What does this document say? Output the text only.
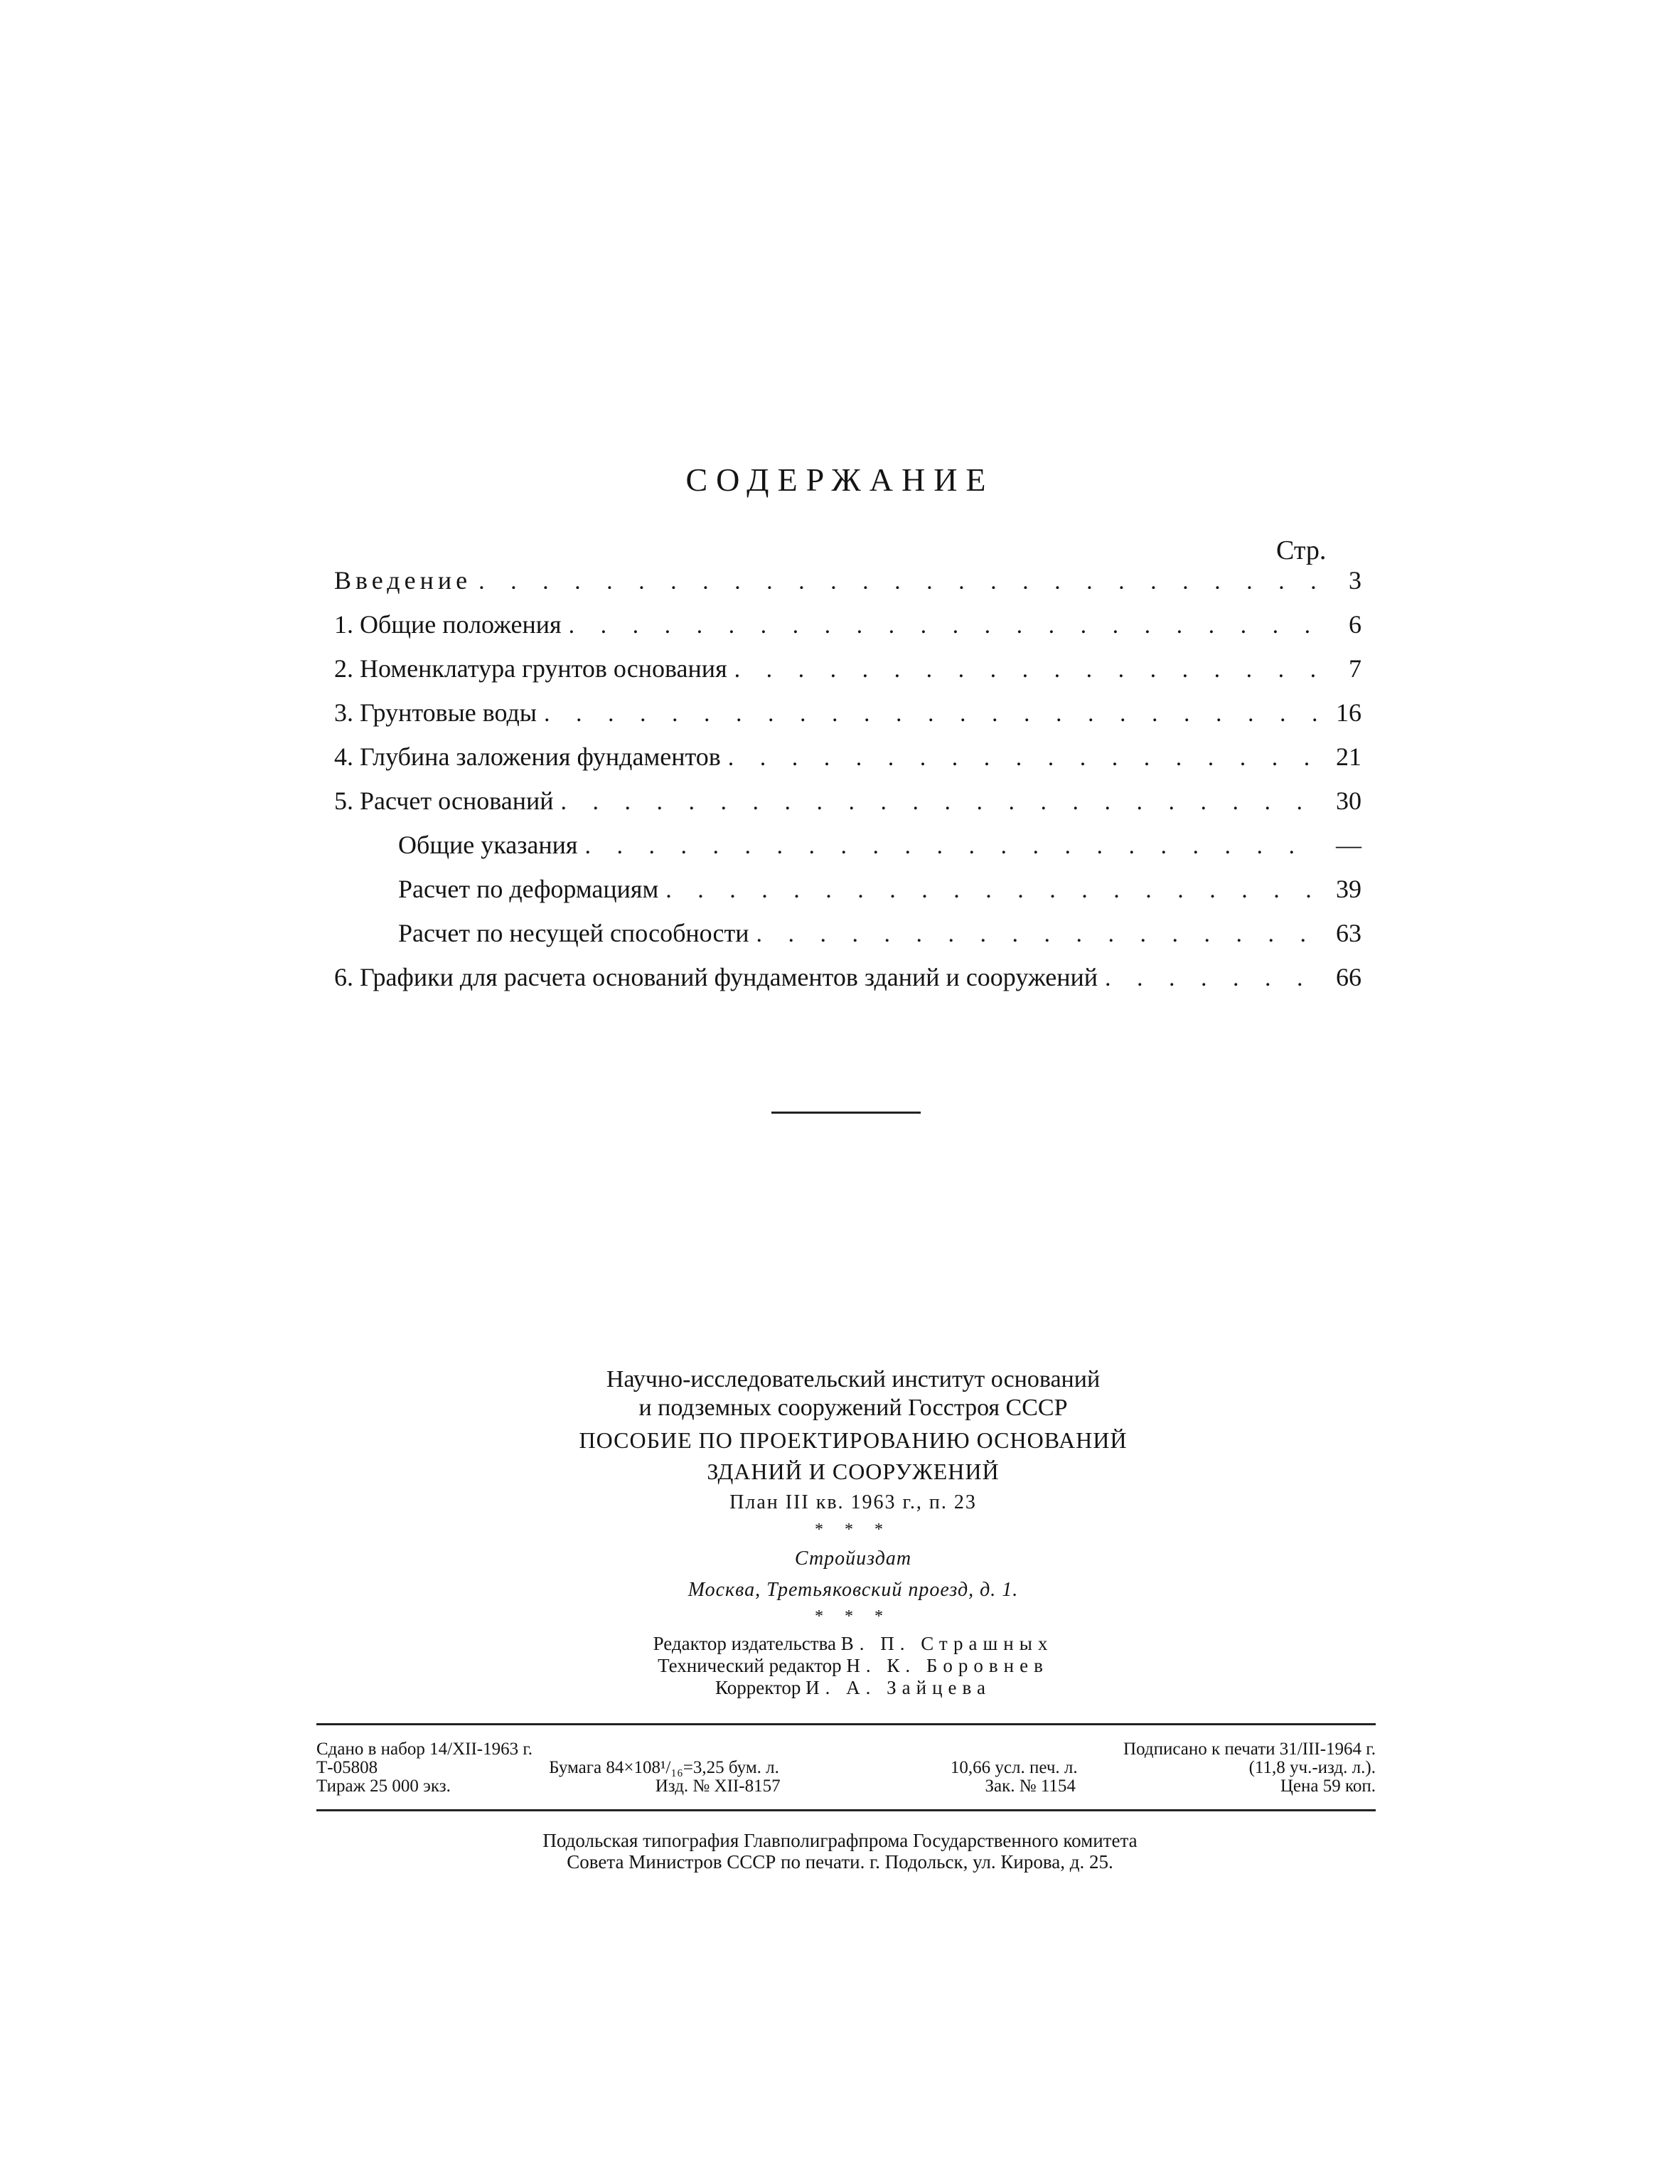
СОДЕРЖАНИЕ
Стр.
Введение . . .	3
1. Общие положения . . .	6
2. Номенклатура грунтов основания . . .	7
3. Грунтовые воды . . .	16
4. Глубина заложения фундаментов . . .	21
5. Расчет оснований . . .	30
Общие указания . . .	—
Расчет по деформациям . . .	39
Расчет по несущей способности . . .	63
6. Графики для расчета оснований фундаментов зданий и сооружений . . .	66
Научно-исследовательский институт оснований
и подземных сооружений Госстроя СССР
ПОСОБИЕ ПО ПРОЕКТИРОВАНИЮ ОСНОВАНИЙ
ЗДАНИЙ И СООРУЖЕНИЙ
План III кв. 1963 г., п. 23
* * *
Стройиздат
Москва, Третьяковский проезд, д. 1.
* * *
Редактор издательства В. П. Страшных
Технический редактор Н. К. Боровнев
Корректор И. А. Зайцева
Сдано в набор 14/XII-1963 г.	Подписано к печати 31/III-1964 г.
Т-05808	Бумага 84×108¹/₁₆=3,25 бум. л.	10,66 усл. печ. л.	(11,8 уч.-изд. л.).
Тираж 25 000 экз.	Изд. № XII-8157	Зак. № 1154	Цена 59 коп.
Подольская типография Главполиграфпрома Государственного комитета
Совета Министров СССР по печати. г. Подольск, ул. Кирова, д. 25.
